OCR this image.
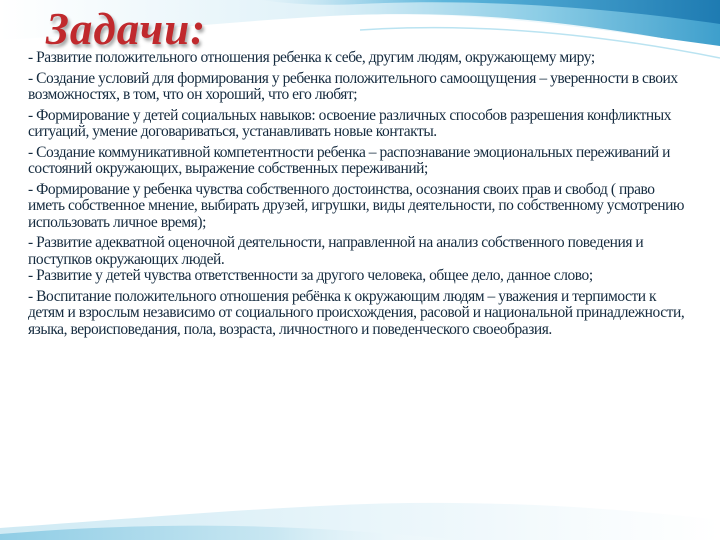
Задачи:

- Развитие положительного отношения ребенка к себе, другим людям, окружающему миру;

- Создание условий для формирования у ребенка положительного самоощущения – уверенности в своих возможностях, в том, что он хороший, что его любят;

- Формирование у детей социальных навыков: освоение различных способов разрешения конфликтных ситуаций, умение договариваться, устанавливать новые контакты.

- Создание коммуникативной компетентности ребенка – распознавание эмоциональных переживаний и состояний окружающих, выражение собственных переживаний;

- Формирование у ребенка чувства собственного достоинства, осознания своих прав и свобод ( право иметь собственное мнение, выбирать друзей, игрушки, виды деятельности, по собственному усмотрению использовать личное время);

- Развитие адекватной оценочной деятельности, направленной на анализ собственного поведения и поступков окружающих людей.

- Развитие у детей чувства ответственности за другого человека, общее дело, данное слово;

- Воспитание положительного отношения ребёнка к окружающим людям – уважения и терпимости к детям и взрослым независимо от социального происхождения, расовой и национальной принадлежности, языка, вероисповедания, пола, возраста, личностного и поведенческого своеобразия.
